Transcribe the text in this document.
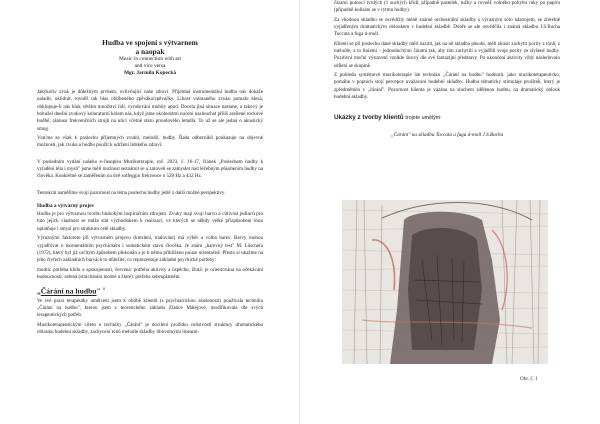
Hudba ve spojení s výtvarnem
a naopak
Music in connection with art
and vice versa
Mgr. Jarmila Kopecká

Jakýkoliv zvuk je důležitým prvkem, ovlivňující naše zdraví. Příjemná instrumentální hudba nás dokáže naladit, uklidnit, rovněž tak hlas oblíbeného zpěváka/zpěvačky. Libost vnímaného zvuku pomalu klesá, obklopuje-li nás hluk větším množství lidí, vyrušování mobily apod. Docela jiná situace nastane, a takový je bohužel dnešní zvukový koloraturní kolem nás, když jsme okolnostmi nuceni naslouchat příliš zesílené rockové hudbě, rámusu frekvenčních strojů na ulicí včetně staru proudového letadla. To už se ale jedná o akustický smog.

Vraťme se však k poslechu příjemných zvuků, melodií, hudby. Řada odborníků poukazuje na objevné možnosti, jak zvuka a hudbu použít k udržení lidského zdraví.

V posledním vydání našeho e-časopisu Muzikoterapie, roč. 2023, č. 16-17, článek „Poslechem hudby k vyladění těla i mysli" jsme měli možnost seznámit se a zároveň se zamyslet nad léčebným působením hudby na člověka. Konkrétně se zaměřením na dvě solfeggio frekvence o 528 Hz a 432 Hz.

Tentokrát naměříme svojí pozornost na téma poslechu hudby ještě z další možné perspektivy.

Hudba a výtvarný projev

Hudba je pro výtvarnou tvorbu hlubokým inspiračním zdrojem. Zvuky mají svoji barvu a citlivost jedinců pro tuto jejich vlastnost se může stát východiskem k realizaci, ve kterých se někdy velké přizpůsobení tónu uplatňuje i smysl pro strukturu celé skladby.

Výraznými faktorem při výtvarném projevu (kreslení, malování) má výběr a volba barev. Barvy mohou vyjadřovat o momentálním psychickém i somatickém stavu člověka. Je znám „barevný test" M. Lüschera (1972), který byl již určitým způsobem překonán a je k němu přihlíženo pouze orientačně. Přesto si ukažme na jeho čtyřech základních barvách to důležité, co reprezentuje základní psychické potřeby:

modrá: potřeba klidu a spokojenosti, červená: potřeba aktivity a úspěchu, žlutá: je orientována na očekávání budoucnosti; zelená (smícháním modré a žluté): potřeba sebeuplatnění.

„Čárání na hudbu" $^{ii}$

Ve své praxi terapeutky umělcem jsem k oblibě klientů (s psychiatrickou zkušeností) používala techniku „Čárání na hudbu", kterou jsem z teoretického základu Zlatice Mátejové, modifikovala dle svých terapeutických potřeb.

Muzikoterapeutickým cílem u techniky „Čárání" je docílení prožitku celistvosti struktury dramatického oblouku hudební skladby, zachycení tónů melodie skladby libovolnými lineami-

čárami pomocí tvrdých (1 suchých křídl, případně pastelek, tužky a rovněž volného pohybu ruky po papíru (případně kolísání se v rytmu hudby).

Za vhodnou skladbu se osvědčily méně známé orchestrální skladby s výrazným sólo nástrojem, se zřetelně vyjádřeným dramatickým obloukem v hudební skladbě. Dobře se ale osvědčila i známá skladba J.S.Bacha Toccata a fuga d-moll.

Klienti se při poslechu dané skladby měli nazitit, jak na ně skladba působí, měli zkusit zachytit pocity z tónů, z melodie, a to liniemi – jednoduchými čárami tak, aby tím zachytili a vyjádřili svoje pocity ze slyšené hudby. Pozitivní moční výstavení vznikle širový dle své fantazijní představy. Po ukončení aktivity vždy následovalo sdílení se skupině.

Z pohledu systémové muzikoterapie lze techniku „Čárání na hudbu" hodnotit. jako muzikoterapeuticko, pomáhe v poptách stojí percepce uvažavaní hudební skladby. Hudba tématicky stimulaje prožitek, který je zpředmětněn v „čárání". Pozornost klienta je vázána na sluchem sdělenou hudbu, na dramatický oblouk hudební skladby.

Ukázky z tvorby klientů trojete umělým:
„Čárání" na skladbu Toccata a fugu d-moll J.S.Bacha
Obr. č. 1
